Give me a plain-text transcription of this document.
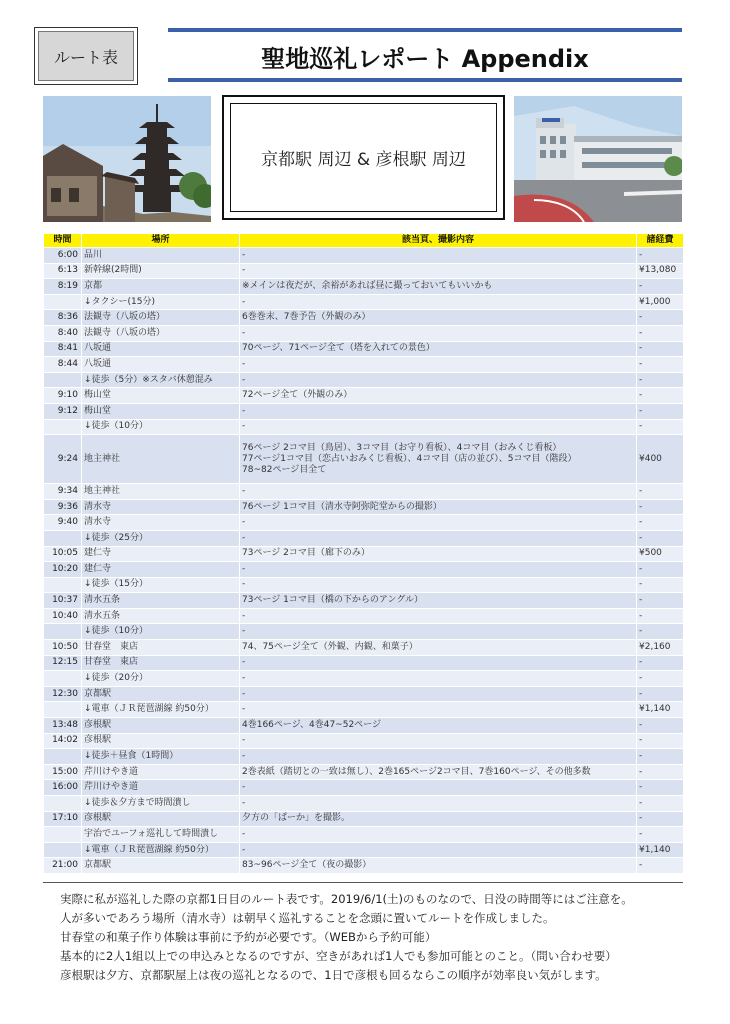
ルート表	聖地巡礼レポート Appendix
京都駅 周辺 & 彦根駅 周辺
時間	場所	該当頁、撮影内容	諸経費
6:00	品川	-	-
6:13	新幹線(2時間)	-	¥13,080
8:19	京都	※メインは夜だが、余裕があれば昼に撮っておいてもいいかも	-
	↓タクシー(15分)	-	¥1,000
8:36	法観寺（八坂の塔）	6巻巻末、7巻予告（外観のみ）	-
8:40	法観寺（八坂の塔）	-	-
8:41	八坂通	70ページ、71ページ全て（塔を入れての景色）	-
8:44	八坂通	-	-
	↓徒歩（5分）※スタバ休憩混み	-	-
9:10	梅山堂	72ページ全て（外観のみ）	-
9:12	梅山堂	-	-
	↓徒歩（10分）	-	-
9:24	地主神社	76ページ 2コマ目（鳥居）、3コマ目（お守り看板）、4コマ目（おみくじ看板）
77ページ1コマ目（恋占いおみくじ看板）、4コマ目（店の並び）、5コマ目（階段）
78~82ページ目全て	¥400
9:34	地主神社	-	-
9:36	清水寺	76ページ 1コマ目（清水寺阿弥陀堂からの撮影）	-
9:40	清水寺	-	-
	↓徒歩（25分）	-	-
10:05	建仁寺	73ページ 2コマ目（廊下のみ）	¥500
10:20	建仁寺	-	-
	↓徒歩（15分）	-	-
10:37	清水五条	73ページ 1コマ目（橋の下からのアングル）	-
10:40	清水五条	-	-
	↓徒歩（10分）	-	-
10:50	甘春堂　東店	74、75ページ全て（外観、内観、和菓子）	¥2,160
12:15	甘春堂　東店	-	-
	↓徒歩（20分）	-	-
12:30	京都駅	-	-
	↓電車（ＪＲ琵琶湖線 約50分）	-	¥1,140
13:48	彦根駅	4巻166ページ、4巻47~52ページ	-
14:02	彦根駅	-	-
	↓徒歩＋昼食（1時間）	-	-
15:00	芹川けやき道	2巻表紙（踏切との一致は無し）、2巻165ページ2コマ目、7巻160ページ、その他多数	-
16:00	芹川けやき道	-	-
	↓徒歩＆夕方まで時間潰し	-	-
17:10	彦根駅	夕方の「ぱーか」を撮影。	-
	宇治でユーフォ巡礼して時間潰し	-	-
	↓電車（ＪＲ琵琶湖線 約50分）	-	¥1,140
21:00	京都駅	83~96ページ全て（夜の撮影）	-

実際に私が巡礼した際の京都1日目のルート表です。2019/6/1(土)のものなので、日没の時間等にはご注意を。

人が多いであろう場所（清水寺）は朝早く巡礼することを念頭に置いてルートを作成しました。

甘春堂の和菓子作り体験は事前に予約が必要です。（WEBから予約可能）

基本的に2人1組以上での申込みとなるのですが、空きがあれば1人でも参加可能とのこと。（問い合わせ要）

彦根駅は夕方、京都駅屋上は夜の巡礼となるので、1日で彦根も回るならこの順序が効率良い気がします。
